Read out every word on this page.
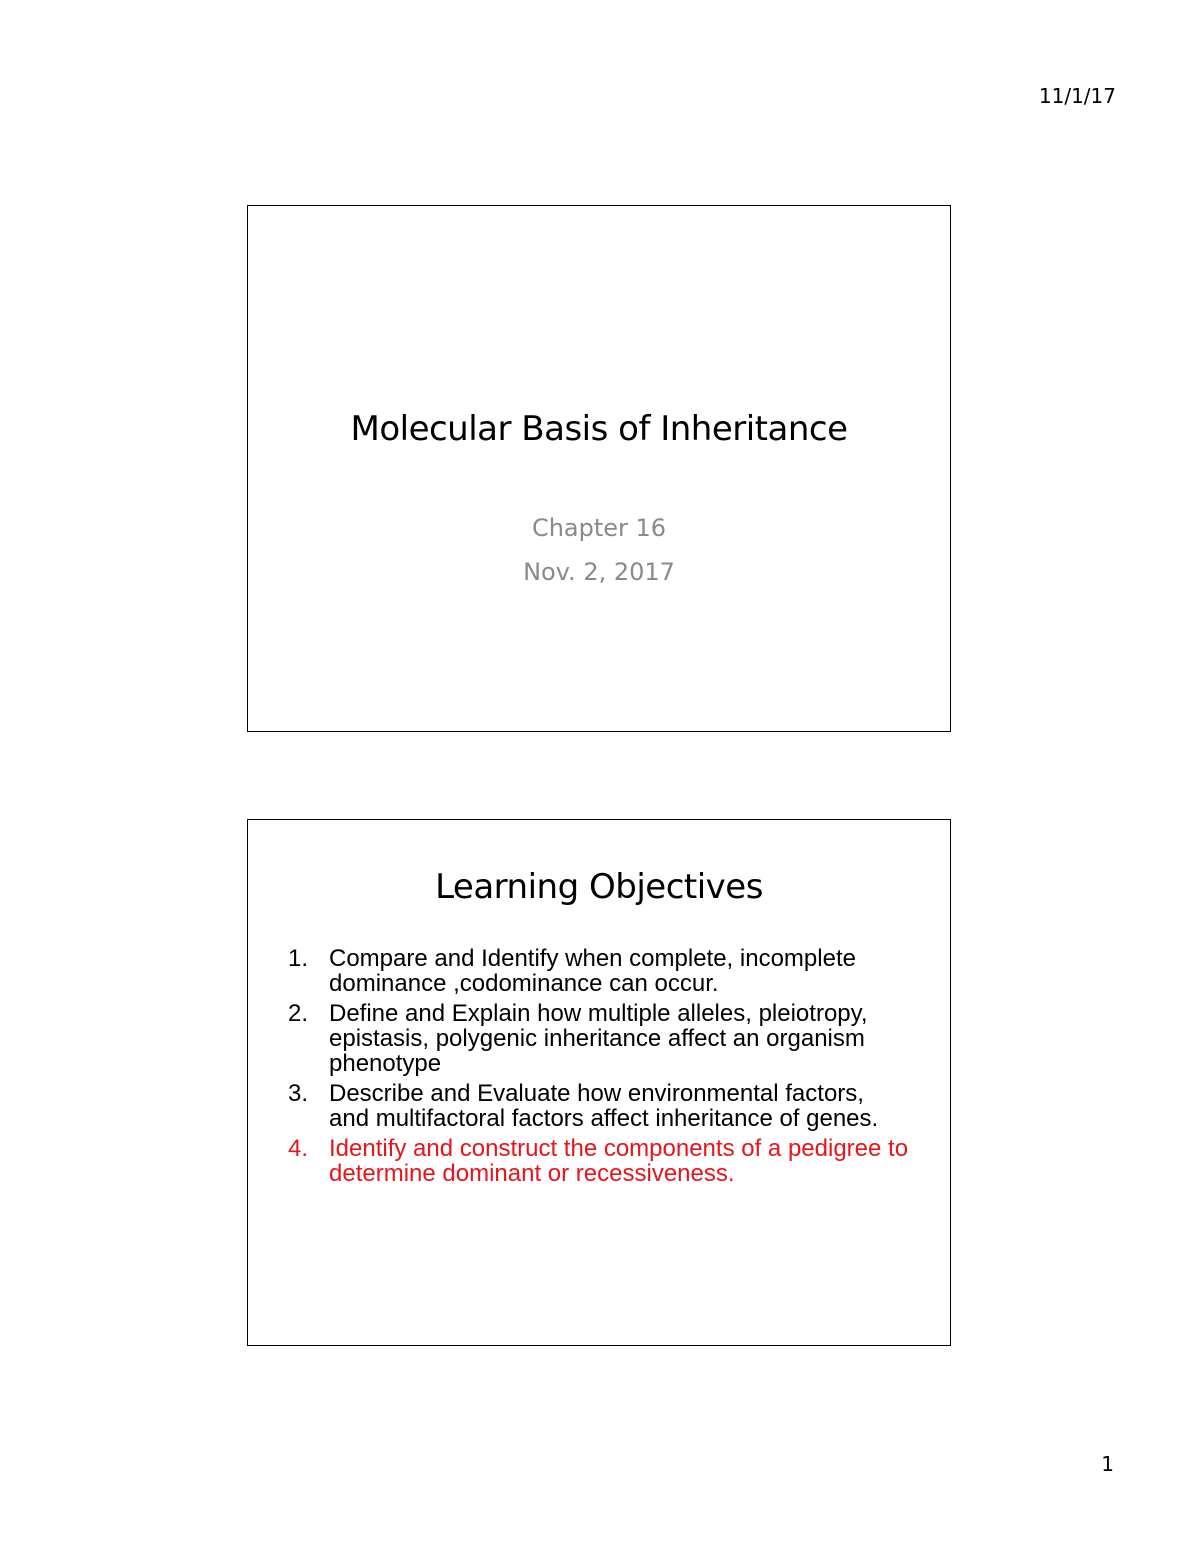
11/1/17
Molecular Basis of Inheritance
Chapter 16
Nov. 2, 2017
Learning Objectives
1. Compare and Identify when complete, incomplete dominance ,codominance can occur.
2. Define and Explain how multiple alleles, pleiotropy, epistasis, polygenic inheritance affect an organism phenotype
3. Describe and Evaluate how environmental factors, and multifactoral factors affect inheritance of genes.
4. Identify and construct the components of a pedigree to determine dominant or recessiveness.
1
